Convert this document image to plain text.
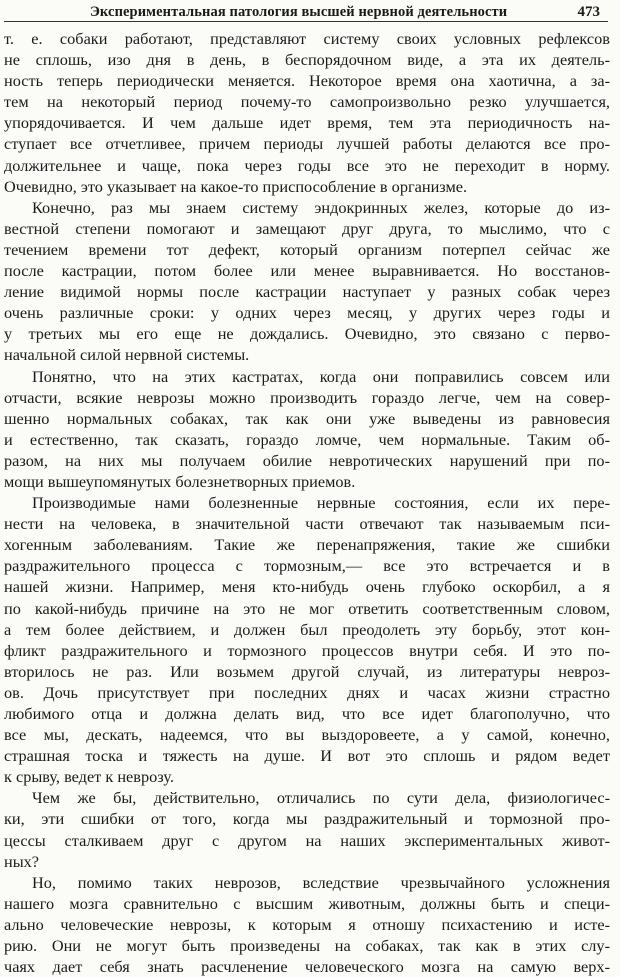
Экспериментальная патология высшей нервной деятельности	473
т. е. собаки работают, представляют систему своих условных рефлексов
не сплошь, изо дня в день, в беспорядочном виде, а эта их деятель-
ность теперь периодически меняется. Некоторое время она хаотична, а за-
тем на некоторый период почему-то самопроизвольно резко улучшается,
упорядочивается. И чем дальше идет время, тем эта периодичность на-
ступает все отчетливее, причем периоды лучшей работы делаются все про-
должительнее и чаще, пока через годы все это не переходит в норму.
Очевидно, это указывает на какое-то приспособление в организме.
Конечно, раз мы знаем систему эндокринных желез, которые до из-
вестной степени помогают и замещают друг друга, то мыслимо, что с
течением времени тот дефект, который организм потерпел сейчас же
после кастрации, потом более или менее выравнивается. Но восстанов-
ление видимой нормы после кастрации наступает у разных собак через
очень различные сроки: у одних через месяц, у других через годы и
у третьих мы его еще не дождались. Очевидно, это связано с перво-
начальной силой нервной системы.
Понятно, что на этих кастратах, когда они поправились совсем или
отчасти, всякие неврозы можно производить гораздо легче, чем на совер-
шенно нормальных собаках, так как они уже выведены из равновесия
и естественно, так сказать, гораздо ломче, чем нормальные. Таким об-
разом, на них мы получаем обилие невротических нарушений при по-
мощи вышеупомянутых болезнетворных приемов.
Производимые нами болезненные нервные состояния, если их пере-
нести на человека, в значительной части отвечают так называемым пси-
хогенным заболеваниям. Такие же перенапряжения, такие же сшибки
раздражительного процесса с тормозным,— все это встречается и в
нашей жизни. Например, меня кто-нибудь очень глубоко оскорбил, а я
по какой-нибудь причине на это не мог ответить соответственным словом,
а тем более действием, и должен был преодолеть эту борьбу, этот кон-
фликт раздражительного и тормозного процессов внутри себя. И это по-
вторилось не раз. Или возьмем другой случай, из литературы невроз-
ов. Дочь присутствует при последних днях и часах жизни страстно
любимого отца и должна делать вид, что все идет благополучно, что
все мы, дескать, надеемся, что вы выздоровеете, а у самой, конечно,
страшная тоска и тяжесть на душе. И вот это сплошь и рядом ведет
к срыву, ведет к неврозу.
Чем же бы, действительно, отличались по сути дела, физиологичес-
ки, эти сшибки от того, когда мы раздражительный и тормозной про-
цессы сталкиваем друг с другом на наших экспериментальных живот-
ных?
Но, помимо таких неврозов, вследствие чрезвычайного усложнения
нашего мозга сравнительно с высшим животным, должны быть и специ-
ально человеческие неврозы, к которым я отношу психастению и исте-
рию. Они не могут быть произведены на собаках, так как в этих слу-
чаях дает себя знать расчленение человеческого мозга на самую верх-
